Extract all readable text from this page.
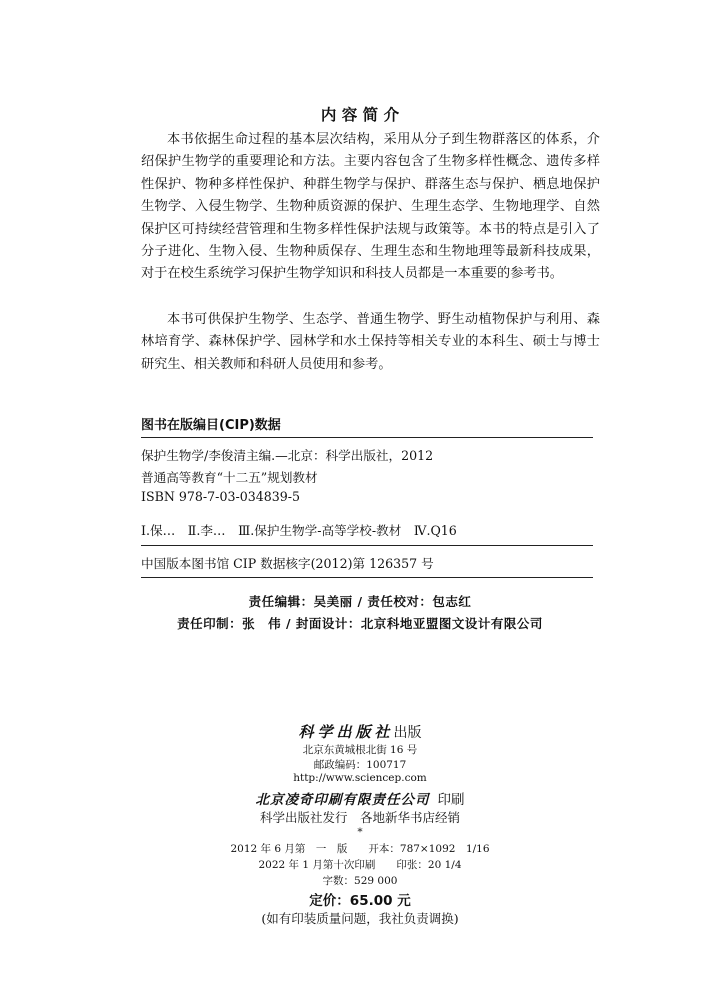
内 容 简 介

本书依据生命过程的基本层次结构，采用从分子到生物群落区的体系，介绍保护生物学的重要理论和方法。主要内容包含了生物多样性概念、遗传多样性保护、物种多样性保护、种群生物学与保护、群落生态与保护、栖息地保护生物学、入侵生物学、生物种质资源的保护、生理生态学、生物地理学、自然保护区可持续经营管理和生物多样性保护法规与政策等。本书的特点是引入了分子进化、生物入侵、生物种质保存、生理生态和生物地理等最新科技成果，对于在校生系统学习保护生物学知识和科技人员都是一本重要的参考书。

本书可供保护生物学、生态学、普通生物学、野生动植物保护与利用、森林培育学、森林保护学、园林学和水土保持等相关专业的本科生、硕士与博士研究生、相关教师和科研人员使用和参考。

图书在版编目(CIP)数据
保护生物学/李俊清主编.—北京：科学出版社，2012
普通高等教育“十二五”规划教材
ISBN 978-7-03-034839-5
Ⅰ.保…　Ⅱ.李…　Ⅲ.保护生物学-高等学校-教材　Ⅳ.Q16
中国版本图书馆 CIP 数据核字(2012)第 126357 号
责任编辑：吴美丽 / 责任校对：包志红
责任印制：张　伟 / 封面设计：北京科地亚盟图文设计有限公司
科学出版社出版
北京东黄城根北街 16 号
邮政编码：100717
http://www.sciencep.com
北京凌奇印刷有限责任公司  印刷
科学出版社发行　各地新华书店经销
*
2012 年 6 月第　一　版　　开本：787×1092　1/16
2022 年 1 月第十次印刷　　印张：20 1/4
字数：529 000
定价：65.00 元
(如有印装质量问题，我社负责调换)
